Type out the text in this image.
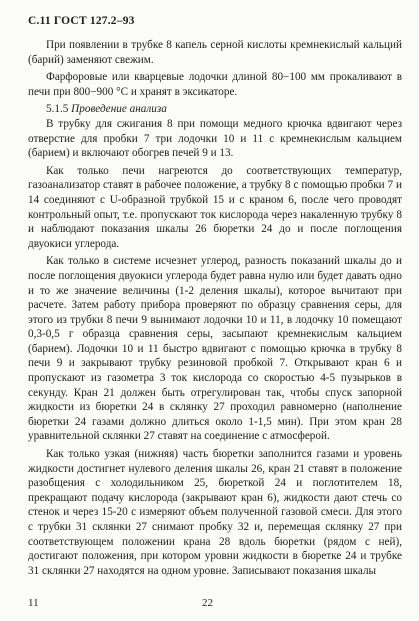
С.11 ГОСТ 127.2–93

При появлении в трубке 8 капель серной кислоты кремнекислый кальций (барий) заменяют свежим.

Фарфоровые или кварцевые лодочки длиной 80−100 мм прокаливают в печи при 800−900 °С и хранят в эксикаторе.

5.1.5 Проведение анализа

В трубку для сжигания 8 при помощи медного крючка вдвигают через отверстие для пробки 7 три лодочки 10 и 11 с кремнекислым кальцием (барием) и включают обогрев печей 9 и 13.

Как только печи нагреются до соответствующих температур, газоанализатор ставят в рабочее положение, а трубку 8 с помощью пробки 7 и 14 соединяют с U-образной трубкой 15 и с краном 6, после чего проводят контрольный опыт, т.е. пропускают ток кислорода через накаленную трубку 8 и наблюдают показания шкалы 26 бюретки 24 до и после поглощения двуокиси углерода.

Как только в системе исчезнет углерод, разность показаний шкалы до и после поглощения двуокиси углерода будет равна нулю или будет давать одно и то же значение величины (1-2 деления шкалы), которое вычитают при расчете. Затем работу прибора проверяют по образцу сравнения серы, для этого из трубки 8 печи 9 вынимают лодочки 10 и 11, в лодочку 10 помещают 0,3-0,5 г образца сравнения серы, засыпают кремнекислым кальцием (барием). Лодочки 10 и 11 быстро вдвигают с помощью крючка в трубку 8 печи 9 и закрывают трубку резиновой пробкой 7. Открывают кран 6 и пропускают из газометра 3 ток кислорода со скоростью 4-5 пузырьков в секунду. Кран 21 должен быть отрегулирован так, чтобы спуск запорной жидкости из бюретки 24 в склянку 27 проходил равномерно (наполнение бюретки 24 газами должно длиться около 1-1,5 мин). При этом кран 28 уравнительной склянки 27 ставят на соединение с атмосферой.

Как только узкая (нижняя) часть бюретки заполнится газами и уровень жидкости достигнет нулевого деления шкалы 26, кран 21 ставят в положение разобщения с холодильником 25, бюреткой 24 и поглотителем 18, прекращают подачу кислорода (закрывают кран 6), жидкости дают стечь со стенок и через 15-20 с измеряют объем полученной газовой смеси. Для этого с трубки 31 склянки 27 снимают пробку 32 и, перемещая склянку 27 при соответствующем положении крана 28 вдоль бюретки (рядом с ней), достигают положения, при котором уровни жидкости в бюретке 24 и трубке 31 склянки 27 находятся на одном уровне. Записывают показания шкалы

11	22
